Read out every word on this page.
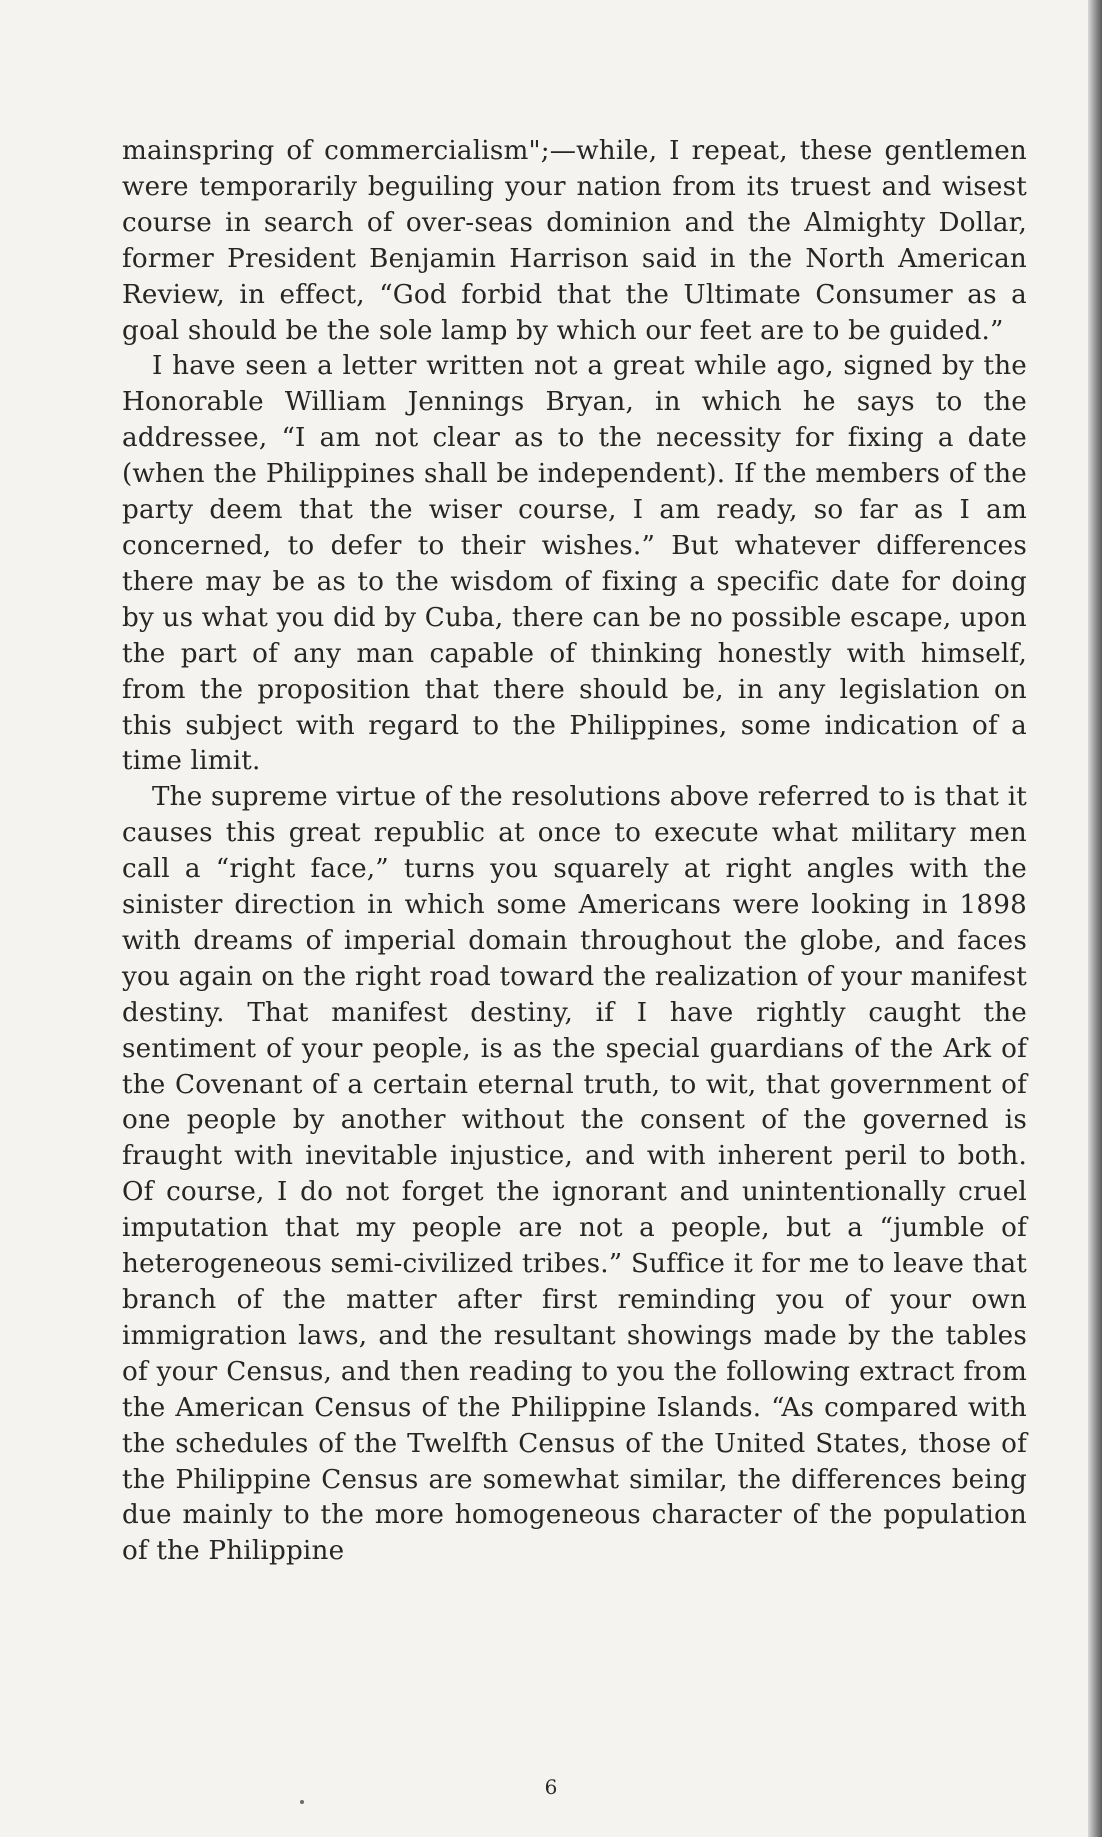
mainspring of commercialism";—while, I repeat, these gentlemen were temporarily beguiling your nation from its truest and wisest course in search of over-seas dominion and the Almighty Dollar, former President Benjamin Harrison said in the North American Review, in effect, “God forbid that the Ultimate Consumer as a goal should be the sole lamp by which our feet are to be guided.”

I have seen a letter written not a great while ago, signed by the Honorable William Jennings Bryan, in which he says to the addressee, “I am not clear as to the necessity for fixing a date (when the Philippines shall be independent). If the members of the party deem that the wiser course, I am ready, so far as I am concerned, to defer to their wishes.” But whatever differences there may be as to the wisdom of fixing a specific date for doing by us what you did by Cuba, there can be no possible escape, upon the part of any man capable of thinking honestly with himself, from the proposition that there should be, in any legislation on this subject with regard to the Philippines, some indication of a time limit.

The supreme virtue of the resolutions above referred to is that it causes this great republic at once to execute what military men call a “right face,” turns you squarely at right angles with the sinister direction in which some Americans were looking in 1898 with dreams of imperial domain throughout the globe, and faces you again on the right road toward the realization of your manifest destiny. That manifest destiny, if I have rightly caught the sentiment of your people, is as the special guardians of the Ark of the Covenant of a certain eternal truth, to wit, that government of one people by another without the consent of the governed is fraught with inevitable injustice, and with inherent peril to both. Of course, I do not forget the ignorant and unintentionally cruel imputation that my people are not a people, but a “jumble of heterogeneous semi-civilized tribes.” Suffice it for me to leave that branch of the matter after first reminding you of your own immigration laws, and the resultant showings made by the tables of your Census, and then reading to you the following extract from the American Census of the Philippine Islands. “As compared with the schedules of the Twelfth Census of the United States, those of the Philippine Census are somewhat similar, the differences being due mainly to the more homogeneous character of the population of the Philippine

6
